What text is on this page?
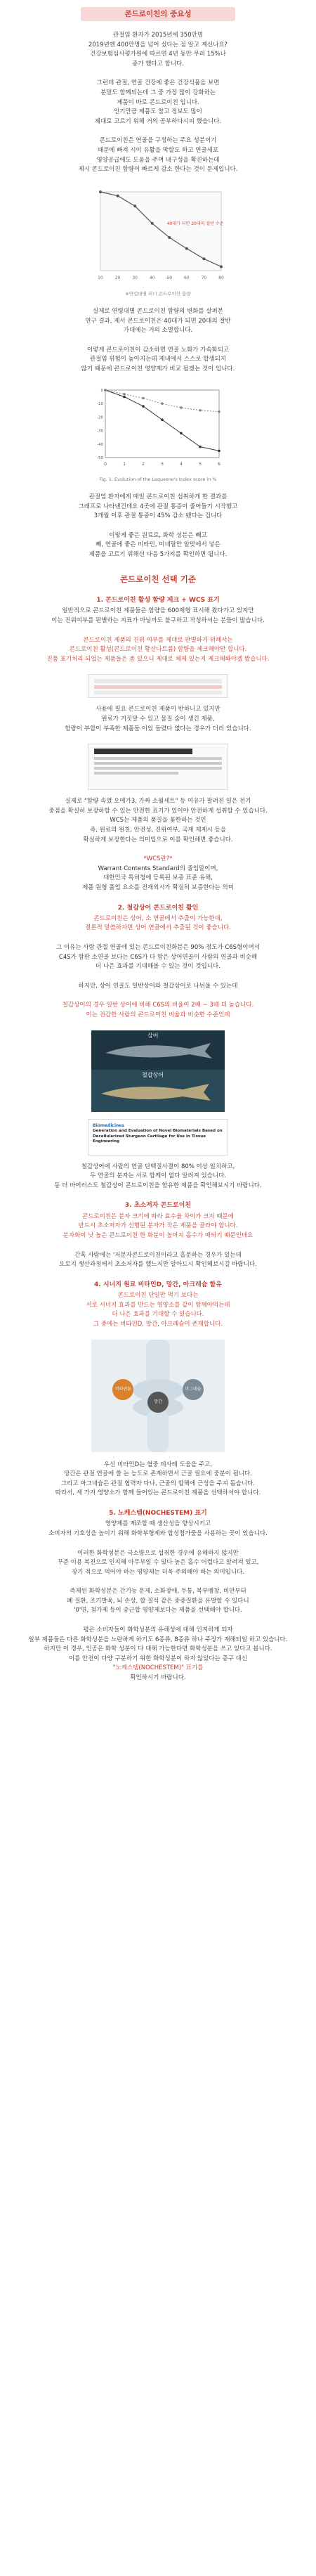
콘드로이친의 중요성
관절염 환자가 2015년에 350만명
2019년엔 400만명을 넘어 섰다는 점 알고 계신나요?
건강보험심사평가원에 따르면 4년 동안 무려 15%나
증가 했다고 합니다.
그런데 관절, 연골 건강에 좋은 건강식품을 보면
분말도 함께되는데 그 중 가장 많이 강화하는
제품이 바로 콘드로이친 입니다.
인기만큼 제품도 참고 정보도 많이
제대로 고르기 위해 거의 공부하다시피 했습니다.
콘드로이친은 연골을 구성하는 주요 성분이기
때문에 빠져 시이 유활을 막할도 하고 연골세포
영양공급에도 도움을 주며 내구성을 확진하는데
제시 콘드로이친 함량이 빠르게 감소 한다는 것이 문제입니다.
10	20	30	40	50	60	70	80
40대가 되면 20대의 절반 수준
※연령대별 피너 콘드로이친 함량
실제로 연령대별 콘드로이친 함량의 변화를 살펴본
연구 결과, 제서 콘드로이친은 40대가 되면 20대의 절반
가대에는 거의 소멸합니다.
이렇게 콘드로이친이 감소하면 연골 노화가 가속화되고
관절염 위험이 높아지는데 제내에서 스스로 합생되지
않기 때문에 콘드로이친 영양제가 비교 될겠는 것이 입니다.
0	1	2	3	4	5	6
0
-10
-20
-30
-40
-50
Fig. 1. Evolution of the Lequesne's Index score in %
관절염 환자에게 매일 콘드로이친 섭취하게 한 결과를
그래프로 나타낸건데요 4곳에 관절 통증이 줄어들기 시작했고
3개월 이후 관절 통증이 45% 감소 됐다는 겁니다
이렇게 좋은 원료로, 화학 성분은 빼고
빼, 연골에 좋은 비타민, 미네랄만 알맞에서 넣은
제품을 고르기 위해선 다음 5가지를 확인하면 됩니다.
콘드로이친 선택 기준
1. 콘드로이친 활성 함량 제크 + WCS 표기
일반적으로 콘드로이친 제품들은 함량을 600제형 표시해 왔다가고 있지만
이는 진위여부를 판별하는 지표가 아닐까도 불구하고 작성하셔는 분들이 많습니다.
콘드로이친 제품의 진위 여부를 제대로 판별하기 위해서는
콘드로이친 활성(콘드로이친 황산나트륨) 함량을 제크해야만 합니다.
진품 표기처리 되었는 제품들은 좀 있으니 제대로 체제 있는지 제크해봐야겠 봤습니다.
사용에 필요 콘드로이친 제품이 반하니고 있지만
원료가 거짓말 수 있고 물질 숨이 생긴 제품,
함량이 부합이 부족한 제품들 이었 들렸다 없다는 경우가 더러 있습니다.
실제로 "함량 속였 오메가3, 가짜 소월세트" 등 여유가 팔려진 일은 전기
중점을 확실히 보장하할 수 있는 안전한 표기가 있어야 안전하게 섭취할 수 있습니다.
WCS는 제품의 품질을 꽃한하는 것인
즉, 원료의 원천, 안전성, 진위여부, 국재 제제시 등을
확실하게 보장한다는 의미입으로 이를 확인해면 좋습니다.
*WCS란?*
Warrant Contents Standard의 줄임말이며,
대한민국 특허청에 등록된 보증 표준 유해,
제품 원형 품업 요소를 전재외시가 확실히 보증한다는 의미
2. 철갑상어 콘드로이친 활인
콘드로이친은 상어, 소 연골에서 추출이 가능한데,
결론적 말씀하자면 상어 연골에서 추출된 것이 좋습니다.
그 이유는 사람 관절 연골에 있는 콘드로이친화분은 90% 정도가 C6S형이며서
C4S가 함판 소연골 보다는 C6S가 다 함은 상어연골이 사람의 연골과 비슷해
더 나은 효과를 기대해볼 수 있는 것이 것입니다.
하지만, 상어 연골도 일반상어와 철갑상어로 나뉘울 수 있는데
철갑상어의 경우 일반 상어에 비해 C6S의 비율이 2배 ~ 3배 더 높습니다.
이는 전갑한 사람의 콘드로이친 비율과 비슷한 수준인데
상어
철갑상어
Biomedicines
Generation and Evaluation of Novel Biomaterials Based on Decellularized Sturgeon Cartilage for Use in Tissue Engineering
철갑상어에 사람의 연골 단백질사결이 80% 이상 일치하고,
두 연골의 분자는 서로 함께이 없다 알려져 있습니다.
동 더 바이러스도 철갑상어 콘드로이친을 함유한 제품을 확인해보시기 바랍니다.
3. 초소저자 콘드로이친
콘드로이친은 분자 크기에 따라 효수율 차이가 크지 때문에
반드시 초소저자가 선행된 분자가 작은 제품을 골라야 합니다.
분자화이 낫 높은 콘드로이친 한 화분이 높아지 흡수가 매되기 때문인데요
간혹 사람에는 '저분자콘드로이친이라고 흡분하는 경우가 있는데
오로지 생산과정에서 초소저자를 했느지만 알아드시 확인해보시길 바랍니다.
4. 시너지 원료 비타민D, 망간, 아크레슘 함유
콘드로이친 단일만 먹기 보다는
서로 시너지 효과를 만드는 영양소를 같이 함께야먹는데
더 나은 효과를 기대할 수 있습니다.
그 중에는 비타민D, 망간, 아크레슘이 존재합니다.
비타민D
망간
마그네슘
우선 비타민D는 혈중 데사레 도움을 주고,
망간은 관절 연골에 쓸 는 능도로 존재하면서 근골 필요에 중분이 됩니다.
그리고 마그네슘은 관절 협력자 다나, 근골의 합해에 근성을 주지 돕습니다.
따라서, 세 가지 영양소가 함께 들어있는 콘드로이친 제품을 선택하셔야 합니다.
5. 노케스템(NOCHESTEM) 표기
영양제를 제조할 때 생산성을 향상시키고
소비자의 기호성을 높이기 위해 화학부형제와 합성첨가물을 사용하는 곳이 있습니다.
이러한 화학성분은 극소량으로 섭취한 경우에 유해하지 않지만
꾸준 이용 복진으로 인지해 아무부일 수 있다 높은 흡수 어렵다고 알려져 있고,
장기 적으로 먹어야 하는 영양제는 더욱 주의해야 하는 의미입니다.
즉제된 화학성분은 간기능 문제, 소화장애, 두통, 복부팽창, 비만부터
폐 질환, 조기발육, 뇌 손상, 합 질석 같은 중증질환을 유발할 수 있다니
'0'면, 첨가제 등이 종근합 영양제보다는 제품을 선택해야 합니다.
평은 소비자들이 화학성분의 유해성에 대해 인지하게 되자
일부 제품들은 다른 화학성분을 노란하게 하기도 6종류, 8종류 하나 주장가 재해되일 하고 있습니다.
하지만 이 경우, 인공은 화학 성분이 다 대해 가능한다면 화학성분을 쓰고 있다고 봅니다.
이를 안전이 다양 구분하기 위한 화학성분이 하지 않았다는 증구 대신
"노케스템(NOCHESTEM)" 표기를
확인하시기 바랍니다.
